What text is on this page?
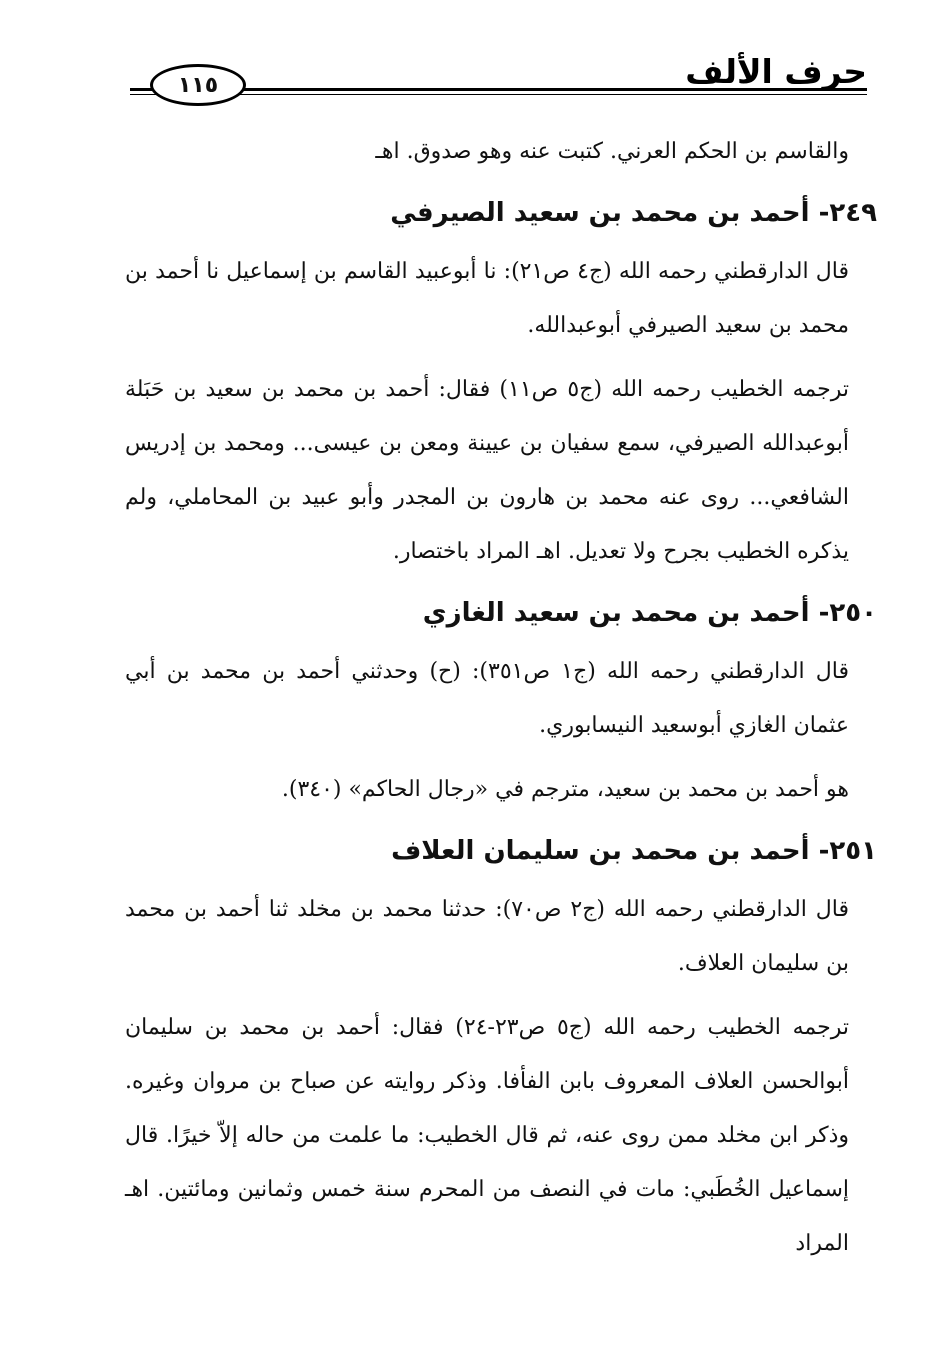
حرف الألف
١١٥

والقاسم بن الحكم العرني. كتبت عنه وهو صدوق. اهـ

٢٤٩- أحمد بن محمد بن سعيد الصيرفي

قال الدارقطني رحمه الله (ج٤ ص٢١): نا أبوعبيد القاسم بن إسماعيل نا أحمد بن محمد بن سعيد الصيرفي أبوعبدالله.

ترجمه الخطيب رحمه الله (ج٥ ص١١) فقال: أحمد بن محمد بن سعيد بن حَبَلة أبوعبدالله الصيرفي، سمع سفيان بن عيينة ومعن بن عيسى... ومحمد بن إدريس الشافعي... روى عنه محمد بن هارون بن المجدر وأبو عبيد بن المحاملي، ولم يذكره الخطيب بجرح ولا تعديل. اهـ المراد باختصار.

٢٥٠- أحمد بن محمد بن سعيد الغازي

قال الدارقطني رحمه الله (ج١ ص٣٥١): (ح) وحدثني أحمد بن محمد بن أبي عثمان الغازي أبوسعيد النيسابوري.

هو أحمد بن محمد بن سعيد، مترجم في «رجال الحاكم» (٣٤٠).

٢٥١- أحمد بن محمد بن سليمان العلاف

قال الدارقطني رحمه الله (ج٢ ص٧٠): حدثنا محمد بن مخلد ثنا أحمد بن محمد بن سليمان العلاف.

ترجمه الخطيب رحمه الله (ج٥ ص٢٣-٢٤) فقال: أحمد بن محمد بن سليمان أبوالحسن العلاف المعروف بابن الفأفا. وذكر روايته عن صباح بن مروان وغيره. وذكر ابن مخلد ممن روى عنه، ثم قال الخطيب: ما علمت من حاله إلاّ خيرًا. قال إسماعيل الخُطَبي: مات في النصف من المحرم سنة خمس وثمانين ومائتين. اهـ المراد
